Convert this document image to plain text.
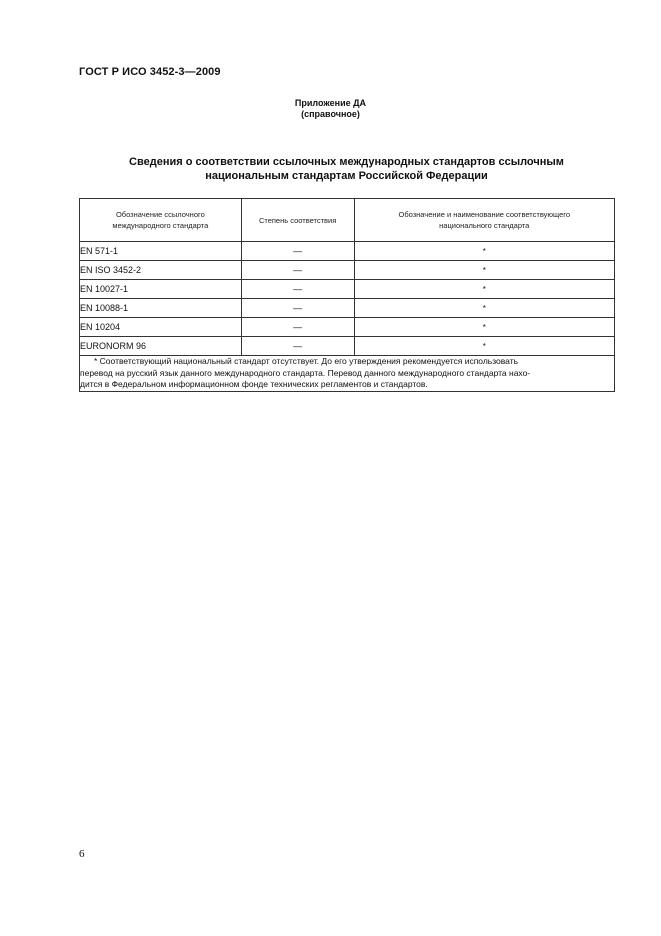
ГОСТ Р ИСО 3452-3—2009
Приложение ДА
(справочное)
Сведения о соответствии ссылочных международных стандартов ссылочным
национальным стандартам Российской Федерации
Обозначение ссылочного
международного стандарта	Степень соответствия	Обозначение и наименование соответствующего
национального стандарта
EN 571-1	—	*
EN ISO 3452-2	—	*
EN 10027-1	—	*
EN 10088-1	—	*
EN 10204	—	*
EURONORM 96	—	*

* Соответствующий национальный стандарт отсутствует. До его утверждения рекомендуется использовать
перевод на русский язык данного международного стандарта. Перевод данного международного стандарта нахо-
дится в Федеральном информационном фонде технических регламентов и стандартов.		
6
